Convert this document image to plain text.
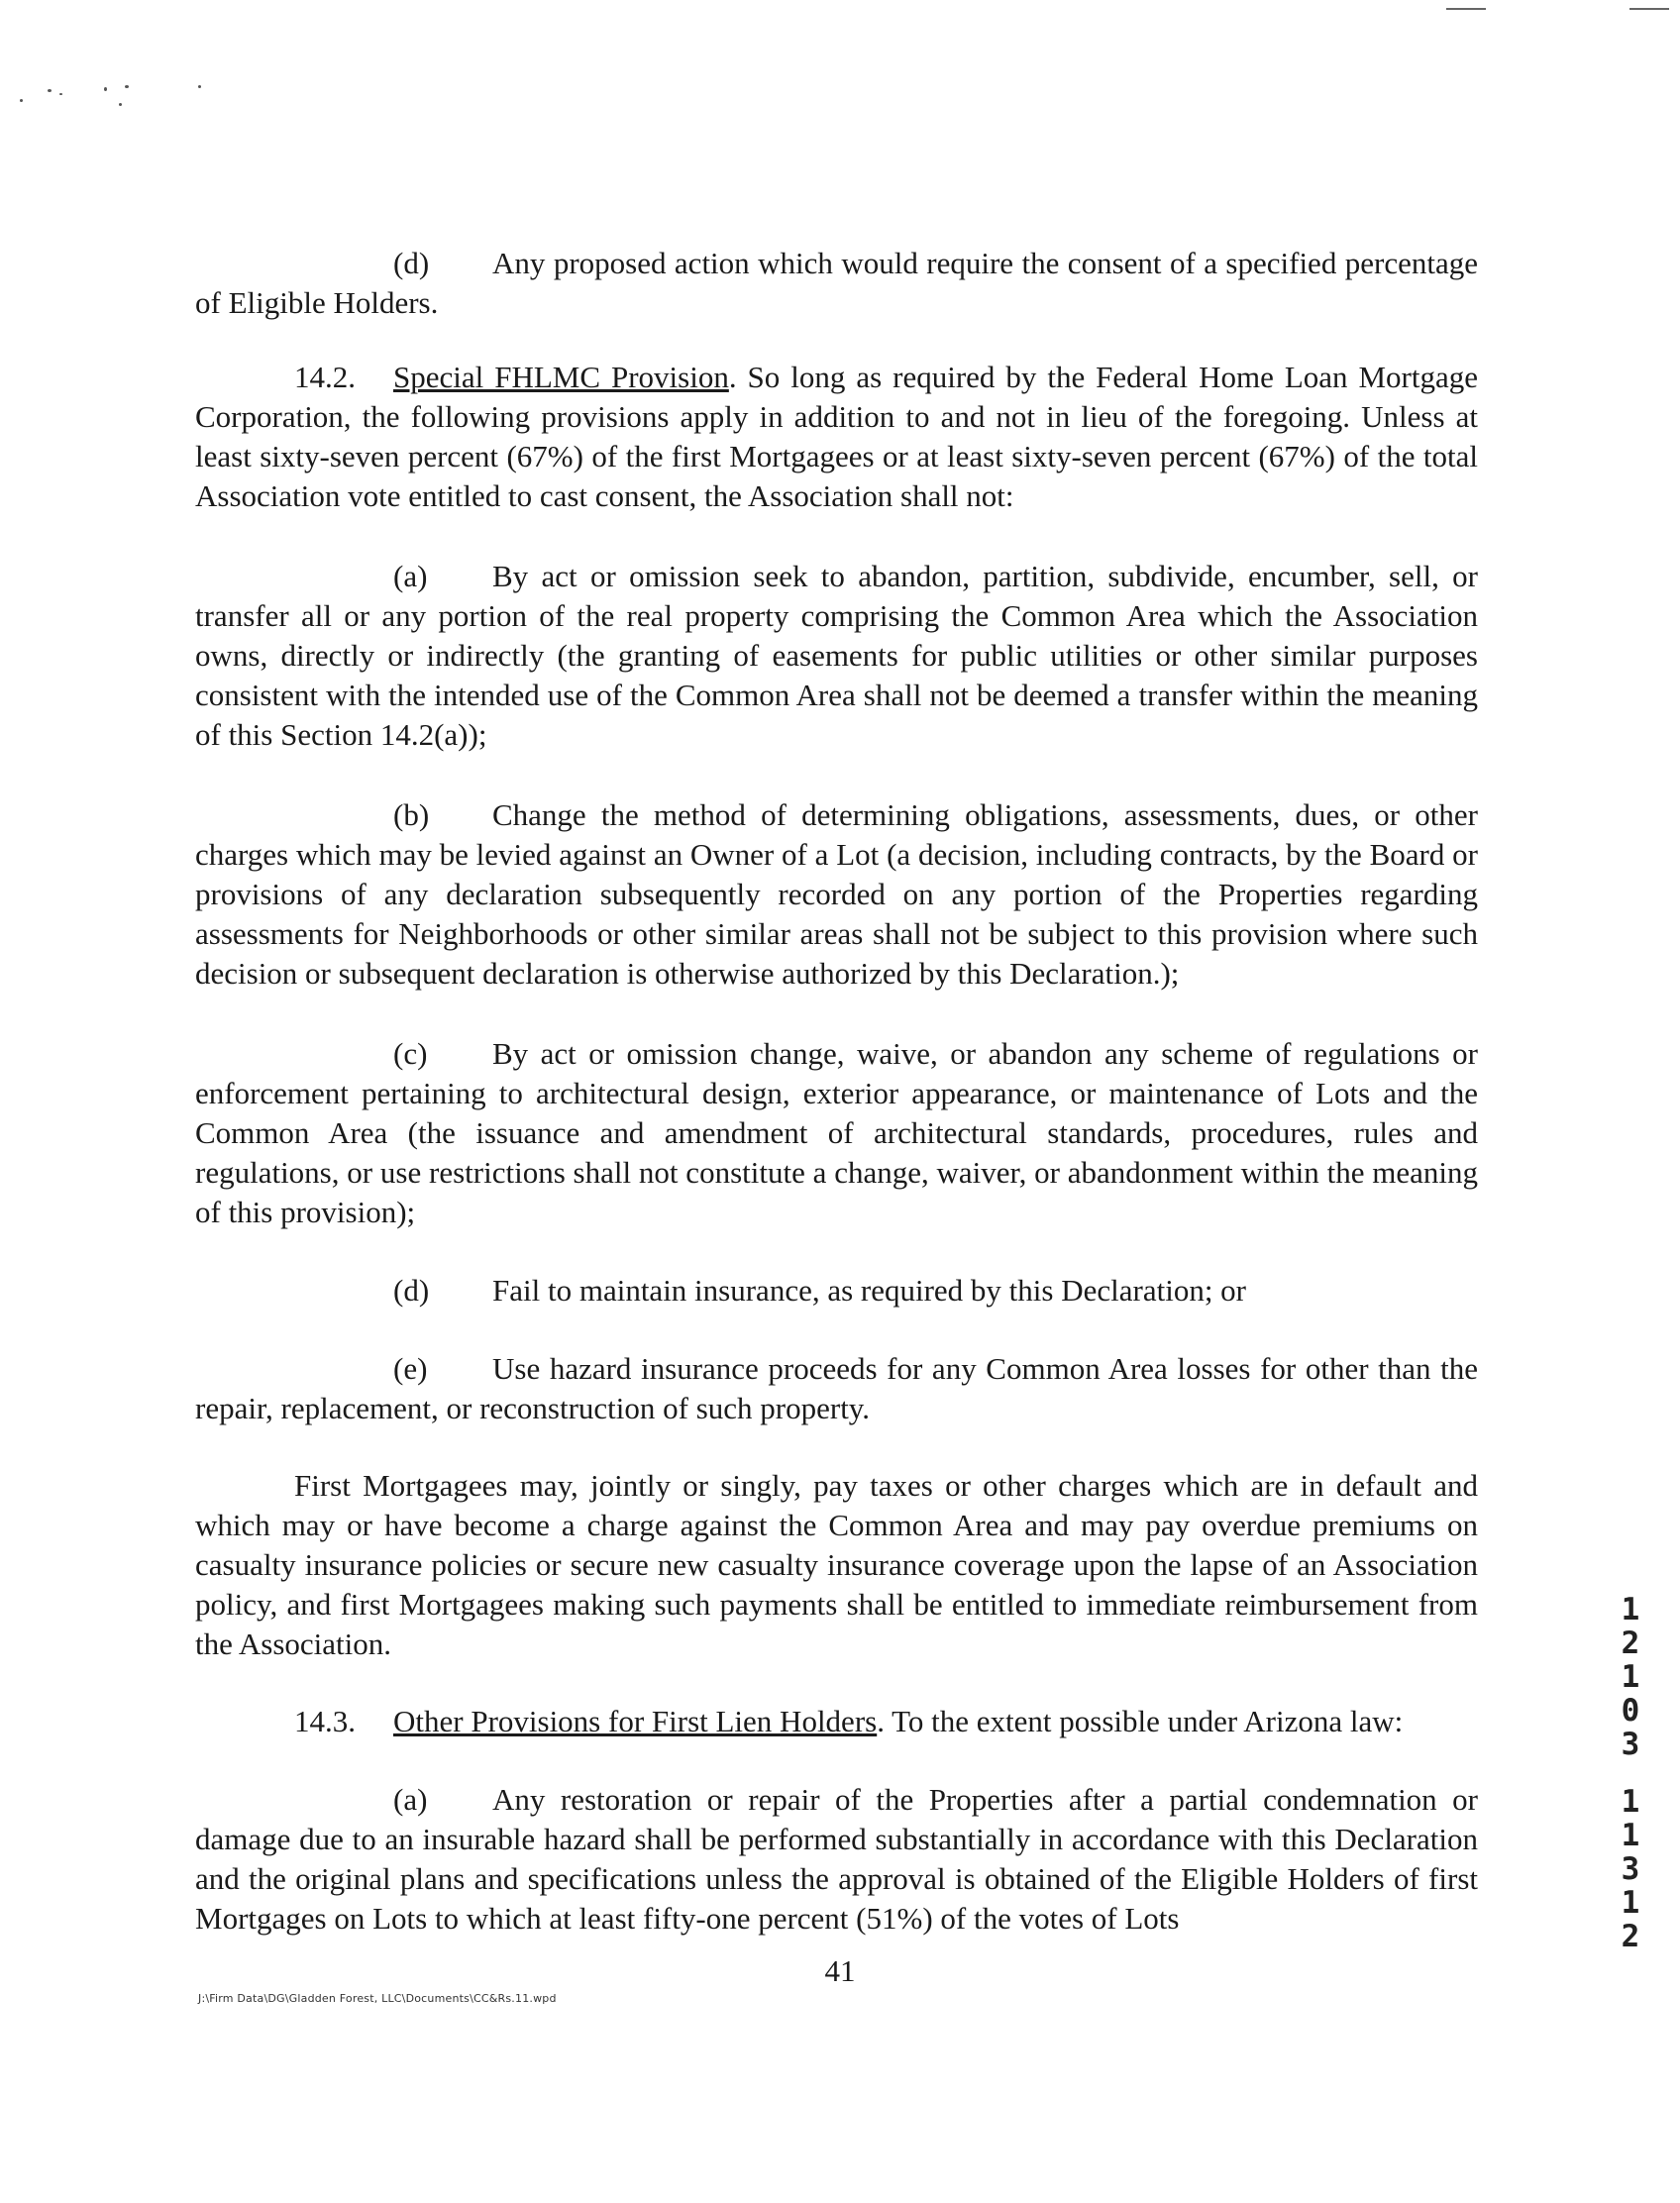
(d) Any proposed action which would require the consent of a specified percentage of Eligible Holders.

14.2. Special FHLMC Provision. So long as required by the Federal Home Loan Mortgage Corporation, the following provisions apply in addition to and not in lieu of the foregoing. Unless at least sixty-seven percent (67%) of the first Mortgagees or at least sixty-seven percent (67%) of the total Association vote entitled to cast consent, the Association shall not:

(a) By act or omission seek to abandon, partition, subdivide, encumber, sell, or transfer all or any portion of the real property comprising the Common Area which the Association owns, directly or indirectly (the granting of easements for public utilities or other similar purposes consistent with the intended use of the Common Area shall not be deemed a transfer within the meaning of this Section 14.2(a));

(b) Change the method of determining obligations, assessments, dues, or other charges which may be levied against an Owner of a Lot (a decision, including contracts, by the Board or provisions of any declaration subsequently recorded on any portion of the Properties regarding assessments for Neighborhoods or other similar areas shall not be subject to this provision where such decision or subsequent declaration is otherwise authorized by this Declaration.);

(c) By act or omission change, waive, or abandon any scheme of regulations or enforcement pertaining to architectural design, exterior appearance, or maintenance of Lots and the Common Area (the issuance and amendment of architectural standards, procedures, rules and regulations, or use restrictions shall not constitute a change, waiver, or abandonment within the meaning of this provision);

(d) Fail to maintain insurance, as required by this Declaration; or

(e) Use hazard insurance proceeds for any Common Area losses for other than the repair, replacement, or reconstruction of such property.

First Mortgagees may, jointly or singly, pay taxes or other charges which are in default and which may or have become a charge against the Common Area and may pay overdue premiums on casualty insurance policies or secure new casualty insurance coverage upon the lapse of an Association policy, and first Mortgagees making such payments shall be entitled to immediate reimbursement from the Association.

14.3. Other Provisions for First Lien Holders. To the extent possible under Arizona law:

(a) Any restoration or repair of the Properties after a partial condemnation or damage due to an insurable hazard shall be performed substantially in accordance with this Declaration and the original plans and specifications unless the approval is obtained of the Eligible Holders of first Mortgages on Lots to which at least fifty-one percent (51%) of the votes of Lots

41
J:\Firm Data\DG\Gladden Forest, LLC\Documents\CC&Rs.11.wpd
1
2
1
0
3
1
1
3
1
2
